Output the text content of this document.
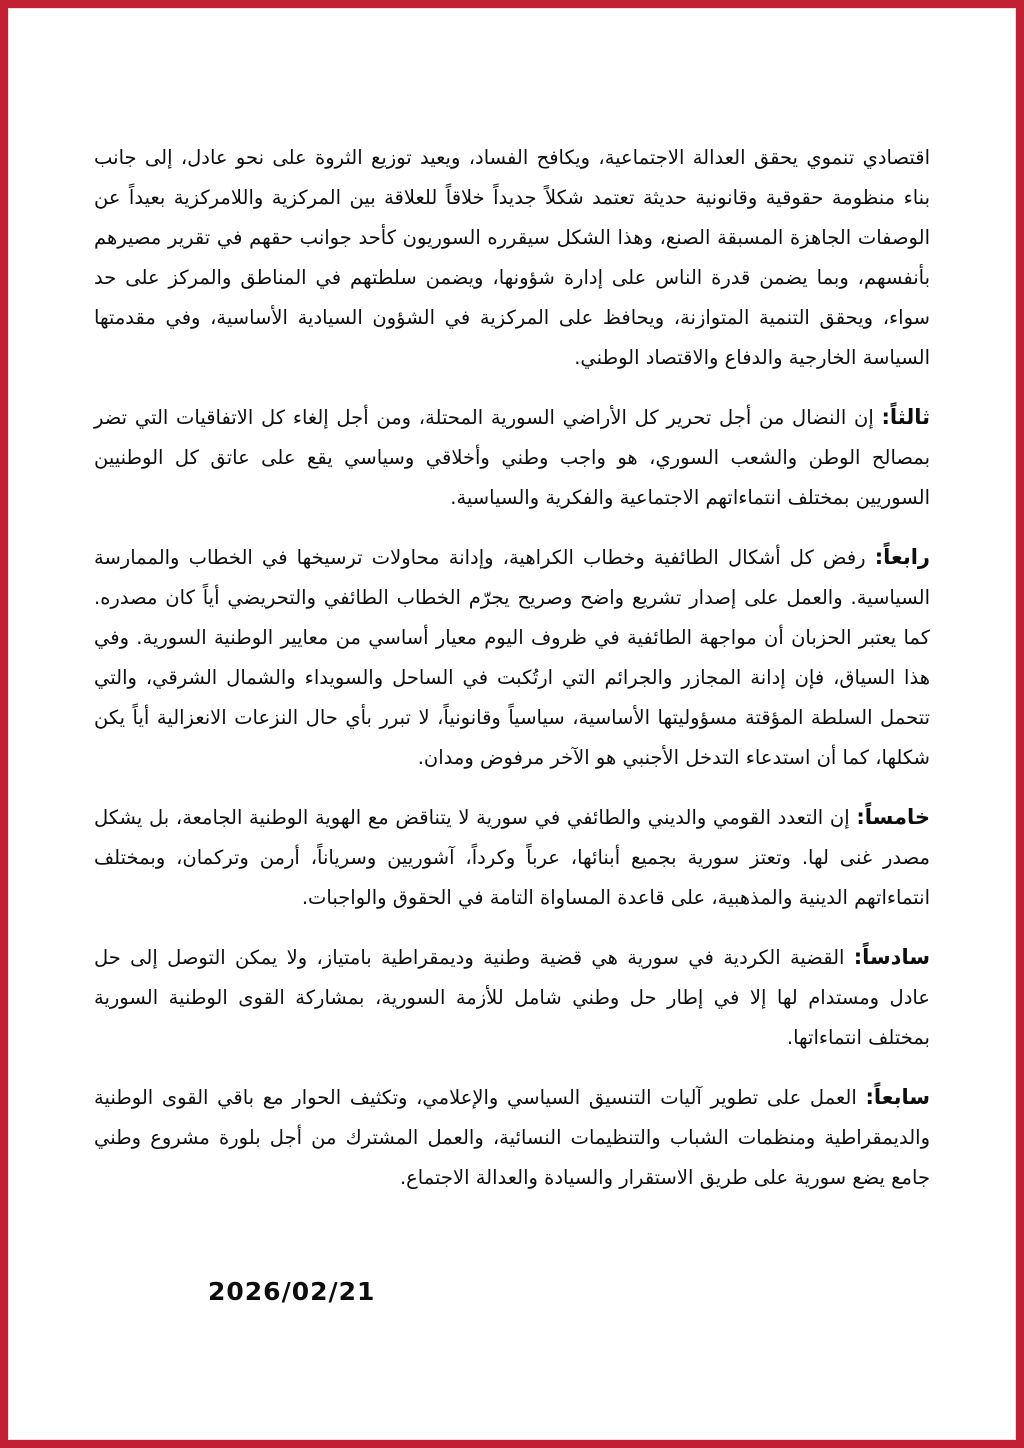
اقتصادي تنموي يحقق العدالة الاجتماعية، ويكافح الفساد، ويعيد توزيع الثروة على نحو عادل، إلى جانب بناء منظومة حقوقية وقانونية حديثة تعتمد شكلاً جديداً خلاقاً للعلاقة بين المركزية واللامركزية بعيداً عن الوصفات الجاهزة المسبقة الصنع، وهذا الشكل سيقرره السوريون كأحد جوانب حقهم في تقرير مصيرهم بأنفسهم، وبما يضمن قدرة الناس على إدارة شؤونها، ويضمن سلطتهم في المناطق والمركز على حد سواء، ويحقق التنمية المتوازنة، ويحافظ على المركزية في الشؤون السيادية الأساسية، وفي مقدمتها السياسة الخارجية والدفاع والاقتصاد الوطني.

ثالثاً: إن النضال من أجل تحرير كل الأراضي السورية المحتلة، ومن أجل إلغاء كل الاتفاقيات التي تضر بمصالح الوطن والشعب السوري، هو واجب وطني وأخلاقي وسياسي يقع على عاتق كل الوطنيين السوريين بمختلف انتماءاتهم الاجتماعية والفكرية والسياسية.

رابعاً: رفض كل أشكال الطائفية وخطاب الكراهية، وإدانة محاولات ترسيخها في الخطاب والممارسة السياسية. والعمل على إصدار تشريع واضح وصريح يجرّم الخطاب الطائفي والتحريضي أياً كان مصدره. كما يعتبر الحزبان أن مواجهة الطائفية في ظروف اليوم معيار أساسي من معايير الوطنية السورية. وفي هذا السياق، فإن إدانة المجازر والجرائم التي ارتُكبت في الساحل والسويداء والشمال الشرقي، والتي تتحمل السلطة المؤقتة مسؤوليتها الأساسية، سياسياً وقانونياً، لا تبرر بأي حال النزعات الانعزالية أياً يكن شكلها، كما أن استدعاء التدخل الأجنبي هو الآخر مرفوض ومدان.

خامساً: إن التعدد القومي والديني والطائفي في سورية لا يتناقض مع الهوية الوطنية الجامعة، بل يشكل مصدر غنى لها. وتعتز سورية بجميع أبنائها، عرباً وكرداً، آشوريين وسرياناً، أرمن وتركمان، وبمختلف انتماءاتهم الدينية والمذهبية، على قاعدة المساواة التامة في الحقوق والواجبات.

سادساً: القضية الكردية في سورية هي قضية وطنية وديمقراطية بامتياز، ولا يمكن التوصل إلى حل عادل ومستدام لها إلا في إطار حل وطني شامل للأزمة السورية، بمشاركة القوى الوطنية السورية بمختلف انتماءاتها.

سابعاً: العمل على تطوير آليات التنسيق السياسي والإعلامي، وتكثيف الحوار مع باقي القوى الوطنية والديمقراطية ومنظمات الشباب والتنظيمات النسائية، والعمل المشترك من أجل بلورة مشروع وطني جامع يضع سورية على طريق الاستقرار والسيادة والعدالة الاجتماع.

2026/02/21
